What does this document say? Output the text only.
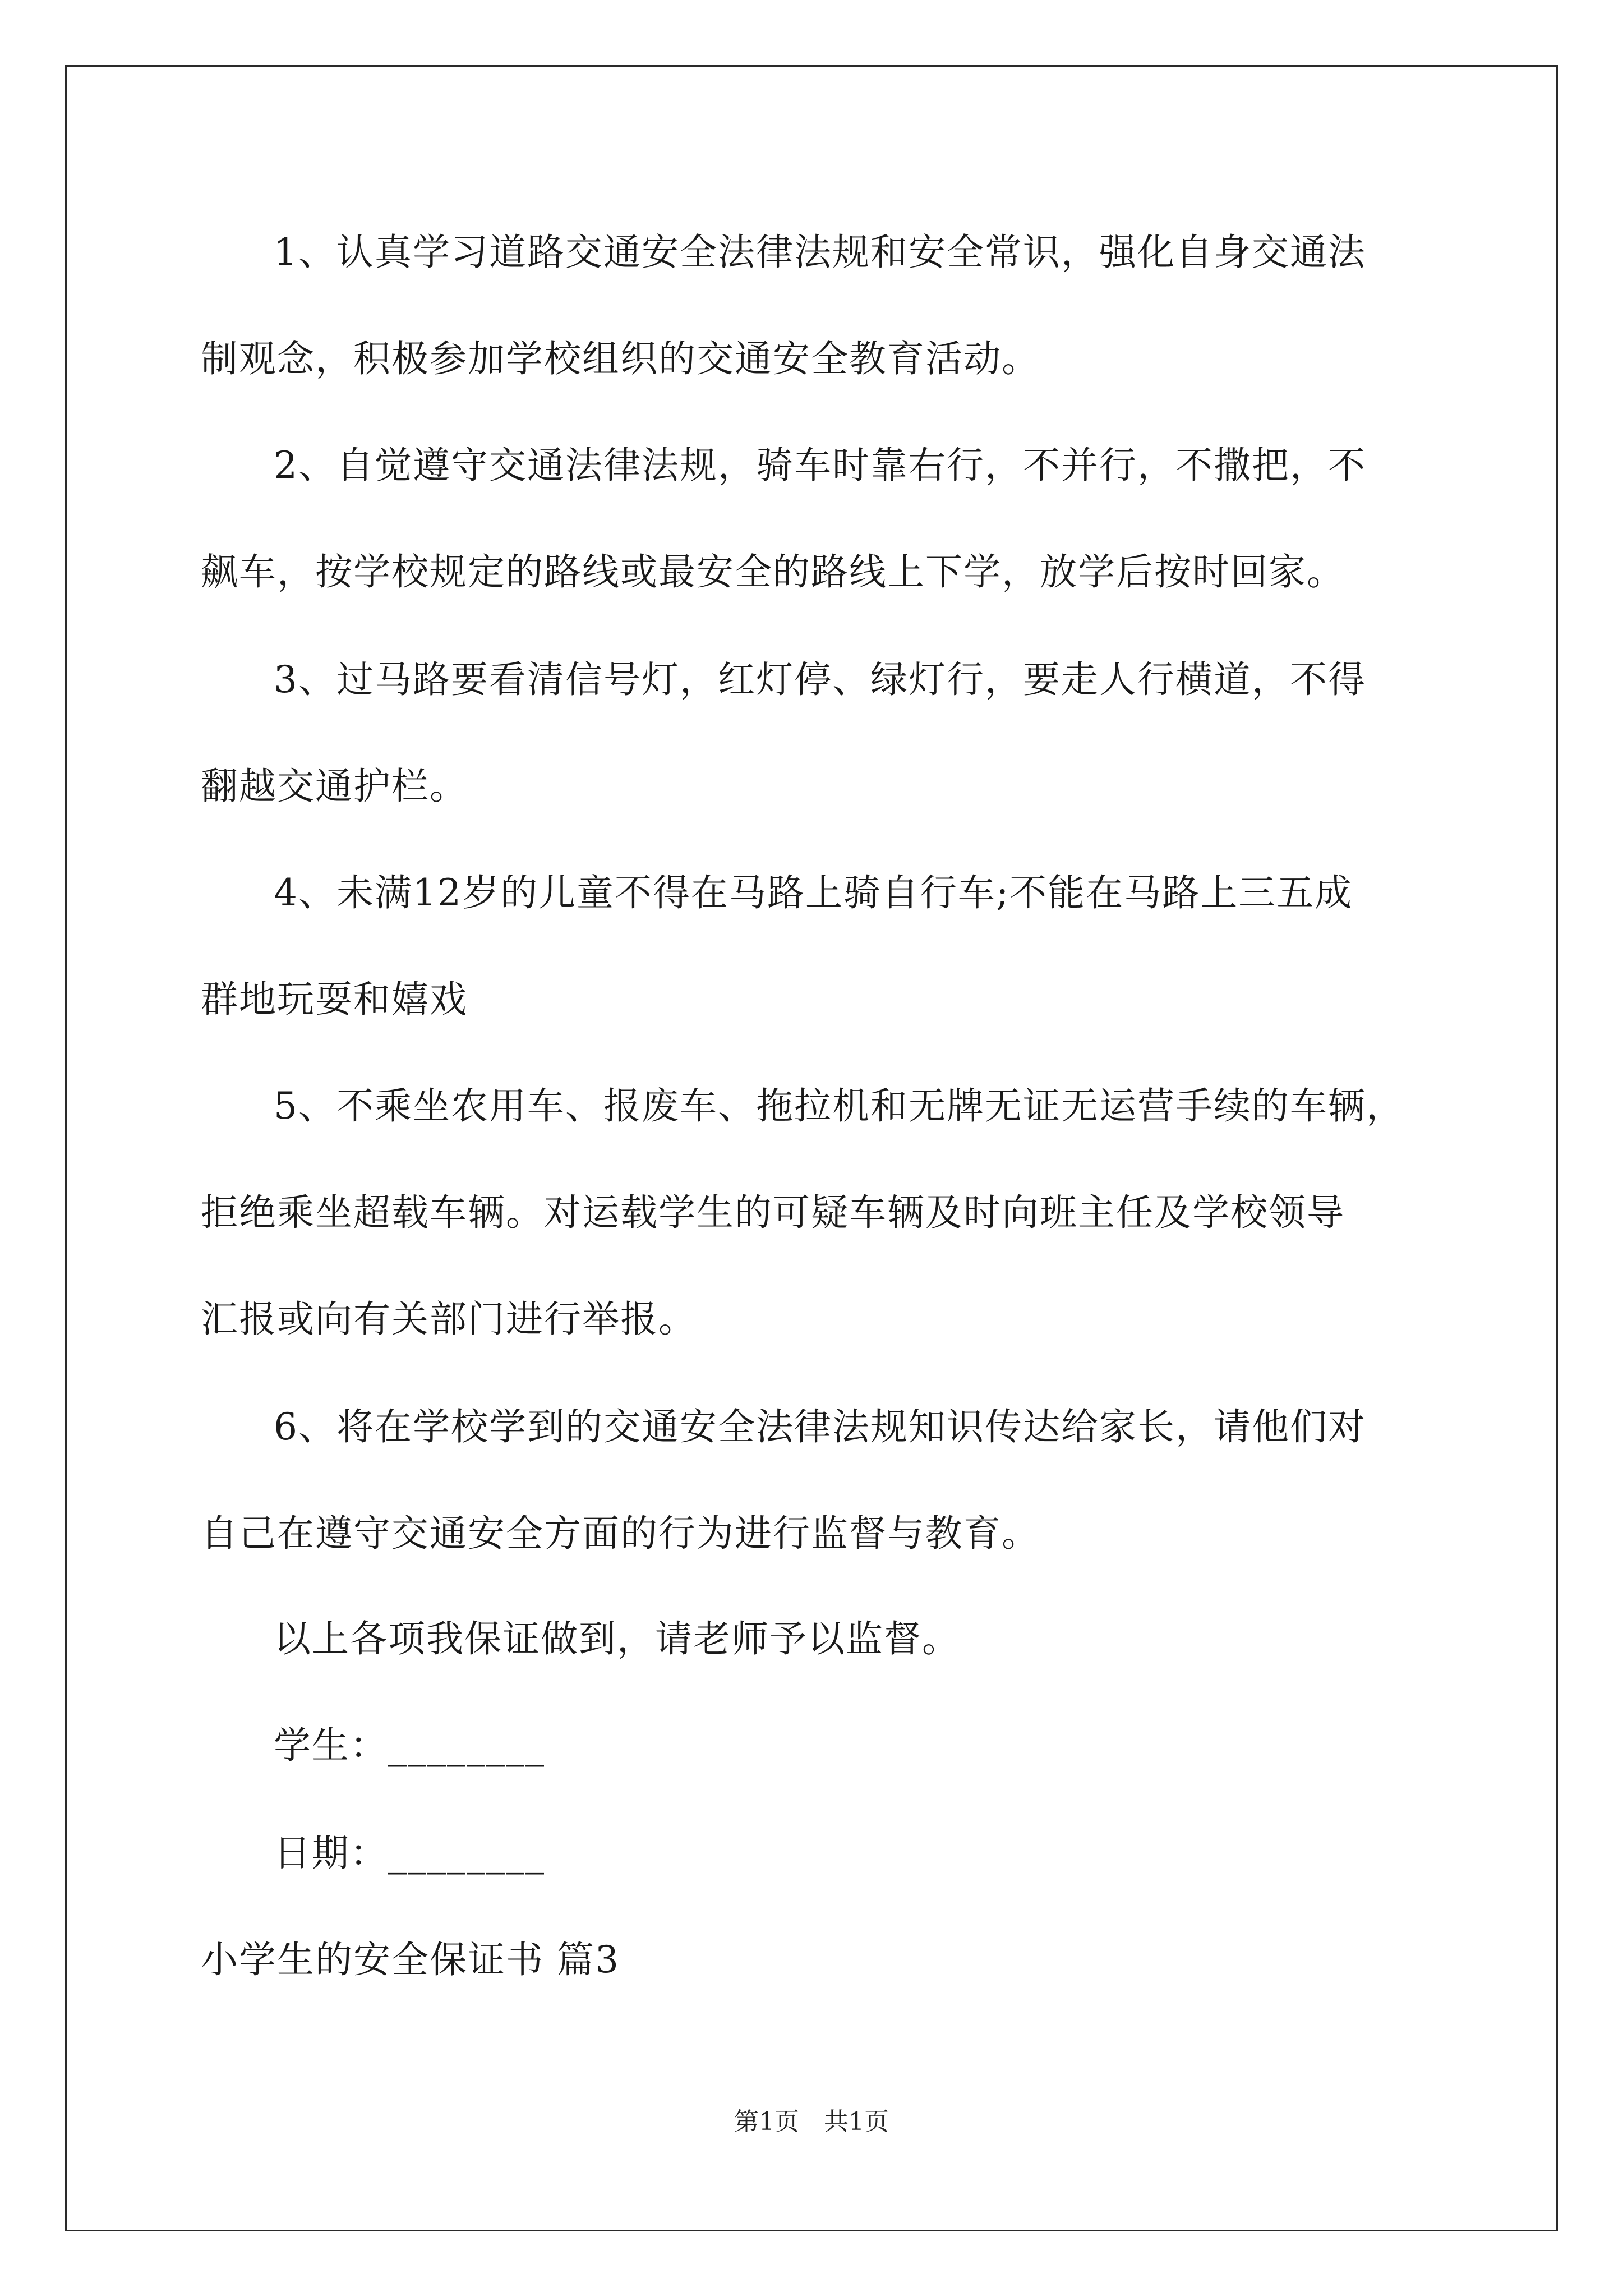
1、认真学习道路交通安全法律法规和安全常识，强化自身交通法
制观念，积极参加学校组织的交通安全教育活动。
2、自觉遵守交通法律法规，骑车时靠右行，不并行，不撒把，不
飙车，按学校规定的路线或最安全的路线上下学，放学后按时回家。
3、过马路要看清信号灯，红灯停、绿灯行，要走人行横道，不得
翻越交通护栏。
4、未满12岁的儿童不得在马路上骑自行车;不能在马路上三五成
群地玩耍和嬉戏
5、不乘坐农用车、报废车、拖拉机和无牌无证无运营手续的车辆，
拒绝乘坐超载车辆。对运载学生的可疑车辆及时向班主任及学校领导
汇报或向有关部门进行举报。
6、将在学校学到的交通安全法律法规知识传达给家长，请他们对
自己在遵守交通安全方面的行为进行监督与教育。
以上各项我保证做到，请老师予以监督。
学生：________
日期：________
小学生的安全保证书 篇3
第1页　共1页
